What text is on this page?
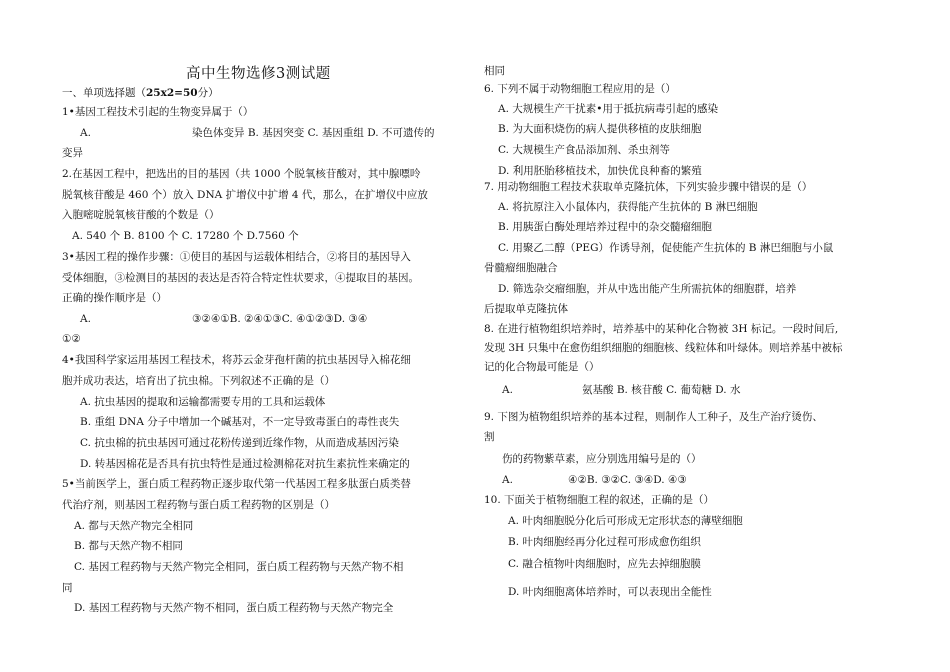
高中生物选修3测试题
一、单项选择题（25x2=50分）
1•基因工程技术引起的生物变异属于（）
A.	染色体变异 B. 基因突变 C. 基因重组 D. 不可遗传的
变异
2.在基因工程中，把选出的目的基因（共 1000 个脱氧核苷酸对，其中腺嘌呤
脱氧核苷酸是 460 个）放入 DNA 扩增仪中扩增 4 代，那么，在扩增仪中应放
入胞嘧啶脱氧核苷酸的个数是（）
A. 540 个 B. 8100 个 C. 17280 个 D.7560 个
3•基因工程的操作步骤：①使目的基因与运载体相结合，②将目的基因导入
受体细胞，③检测目的基因的表达是否符合特定性状要求，④提取目的基因。
正确的操作顺序是（）
A.	③②④①B. ②④①③C. ④①②③D. ③④
①②
4•我国科学家运用基因工程技术，将苏云金芽孢杆菌的抗虫基因导入棉花细
胞并成功表达，培育出了抗虫棉。下列叙述不正确的是（）
A. 抗虫基因的提取和运输都需要专用的工具和运载体
B. 重组 DNA 分子中增加一个碱基对，不一定导致毒蛋白的毒性丧失
C. 抗虫棉的抗虫基因可通过花粉传递到近缘作物，从而造成基因污染
D. 转基因棉花是否具有抗虫特性是通过检测棉花对抗生素抗性来确定的
5•当前医学上，蛋白质工程药物正逐步取代第一代基因工程多肽蛋白质类替
代治疗剂，则基因工程药物与蛋白质工程药物的区别是（）
A. 都与天然产物完全相同
B. 都与天然产物不相同
C. 基因工程药物与天然产物完全相同，蛋白质工程药物与天然产物不相
同
D. 基因工程药物与天然产物不相同，蛋白质工程药物与天然产物完全
相同
6. 下列不属于动物细胞工程应用的是（）
A. 大规模生产干扰素•用于抵抗病毒引起的感染
B. 为大面积烧伤的病人提供移植的皮肤细胞
C. 大规模生产食品添加剂、杀虫剂等
D. 利用胚胎移植技术，加快优良种畜的繁殖
7. 用动物细胞工程技术获取单克隆抗体，下列实验步骤中错误的是（）
A. 将抗原注入小鼠体内，获得能产生抗体的 B 淋巴细胞
B. 用胰蛋白酶处理培养过程中的杂交髓瘤细胞
C. 用聚乙二醇（PEG）作诱导剂，促使能产生抗体的 B 淋巴细胞与小鼠
骨髓瘤细胞融合
D. 筛选杂交瘤细胞，并从中选出能产生所需抗体的细胞群，培养
后提取单克隆抗体
8. 在进行植物组织培养时，培养基中的某种化合物被 3H 标记。一段时间后,
发现 3H 只集中在愈伤组织细胞的细胞核、线粒体和叶绿体。则培养基中被标
记的化合物最可能是（）
A.	氨基酸 B. 核苷酸 C. 葡萄糖 D. 水
9. 下图为植物组织培养的基本过程，则制作人工种子，及生产治疗烫伤、
割
伤的药物紫草素，应分别选用编号是的（）
A.	④②B. ③②C. ③④D. ④③
10. 下面关于植物细胞工程的叙述，正确的是（）
A. 叶肉细胞脱分化后可形成无定形状态的薄壁细胞
B. 叶肉细胞经再分化过程可形成愈伤组织
C. 融合植物叶肉细胞时，应先去掉细胞膜
D. 叶肉细胞离体培养时，可以表现出全能性
